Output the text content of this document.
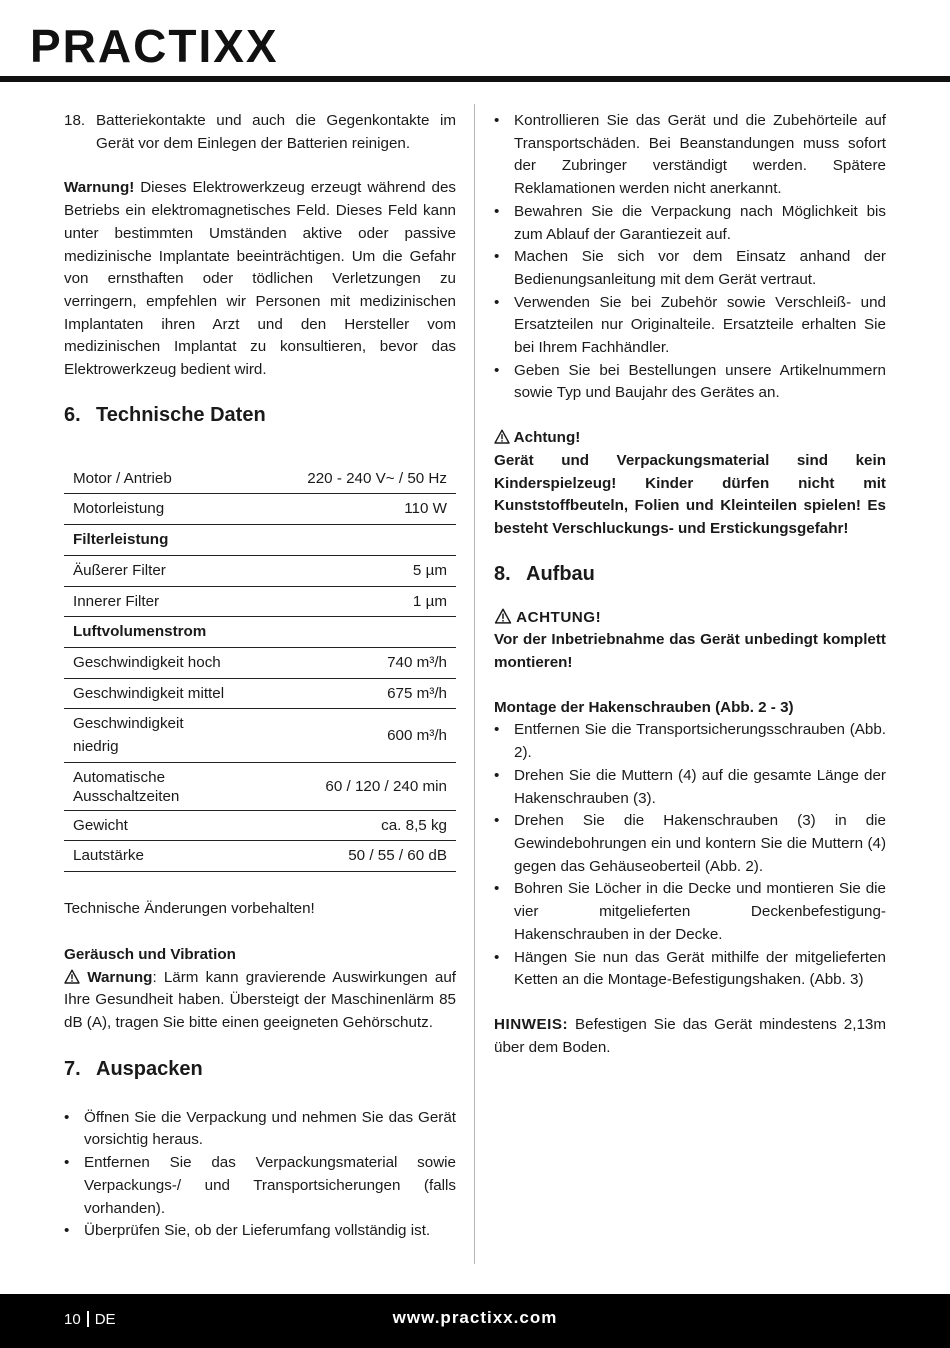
PRACTIXX
18. Batteriekontakte und auch die Gegenkontakte im Gerät vor dem Einlegen der Batterien reinigen.

Warnung! Dieses Elektrowerkzeug erzeugt während des Betriebs ein elektromagnetisches Feld. Dieses Feld kann unter bestimmten Umständen aktive oder passive medizinische Implantate beeinträchtigen. Um die Gefahr von ernsthaften oder tödlichen Verletzungen zu verringern, empfehlen wir Personen mit medizinischen Implantaten ihren Arzt und den Hersteller vom medizinischen Implantat zu konsultieren, bevor das Elektrowerkzeug bedient wird.

6. Technische Daten
Motor / Antrieb	220 - 240 V~ / 50 Hz
Motorleistung	110 W
Filterleistung	
Äußerer Filter	5 µm
Innerer Filter	1 µm
Luftvolumenstrom	
Geschwindigkeit hoch	740 m³/h
Geschwindigkeit mittel	675 m³/h
Geschwindigkeit niedrig	600 m³/h
Automatische Ausschaltzeiten	60 / 120 / 240 min
Gewicht	ca. 8,5 kg
Lautstärke	50 / 55 / 60 dB

Technische Änderungen vorbehalten!

Geräusch und Vibration

Warnung: Lärm kann gravierende Auswirkungen auf Ihre Gesundheit haben. Übersteigt der Maschinenlärm 85 dB (A), tragen Sie bitte einen geeigneten Gehörschutz.

7. Auspacken
• Öffnen Sie die Verpackung und nehmen Sie das Gerät vorsichtig heraus.
• Entfernen Sie das Verpackungsmaterial sowie Verpackungs-/ und Transportsicherungen (falls vorhanden).
• Überprüfen Sie, ob der Lieferumfang vollständig ist.
• Kontrollieren Sie das Gerät und die Zubehörteile auf Transportschäden. Bei Beanstandungen muss sofort der Zubringer verständigt werden. Spätere Reklamationen werden nicht anerkannt.
• Bewahren Sie die Verpackung nach Möglichkeit bis zum Ablauf der Garantiezeit auf.
• Machen Sie sich vor dem Einsatz anhand der Bedienungsanleitung mit dem Gerät vertraut.
• Verwenden Sie bei Zubehör sowie Verschleiß- und Ersatzteilen nur Originalteile. Ersatzteile erhalten Sie bei Ihrem Fachhändler.
• Geben Sie bei Bestellungen unsere Artikelnummern sowie Typ und Baujahr des Gerätes an.

Achtung!

Gerät und Verpackungsmaterial sind kein Kinderspielzeug! Kinder dürfen nicht mit Kunststoffbeuteln, Folien und Kleinteilen spielen! Es besteht Verschluckungs- und Erstickungsgefahr!

8. Aufbau

ACHTUNG!

Vor der Inbetriebnahme das Gerät unbedingt komplett montieren!

Montage der Hakenschrauben (Abb. 2 - 3)

• Entfernen Sie die Transportsicherungsschrauben (Abb. 2).
• Drehen Sie die Muttern (4) auf die gesamte Länge der Hakenschrauben (3).
• Drehen Sie die Hakenschrauben (3) in die Gewindebohrungen ein und kontern Sie die Muttern (4) gegen das Gehäuseoberteil (Abb. 2).
• Bohren Sie Löcher in die Decke und montieren Sie die vier mitgelieferten Deckenbefestigung-Hakenschrauben in der Decke.
• Hängen Sie nun das Gerät mithilfe der mitgelieferten Ketten an die Montage-Befestigungshaken. (Abb. 3)

HINWEIS: Befestigen Sie das Gerät mindestens 2,13m über dem Boden.

10 DE	www.practixx.com
